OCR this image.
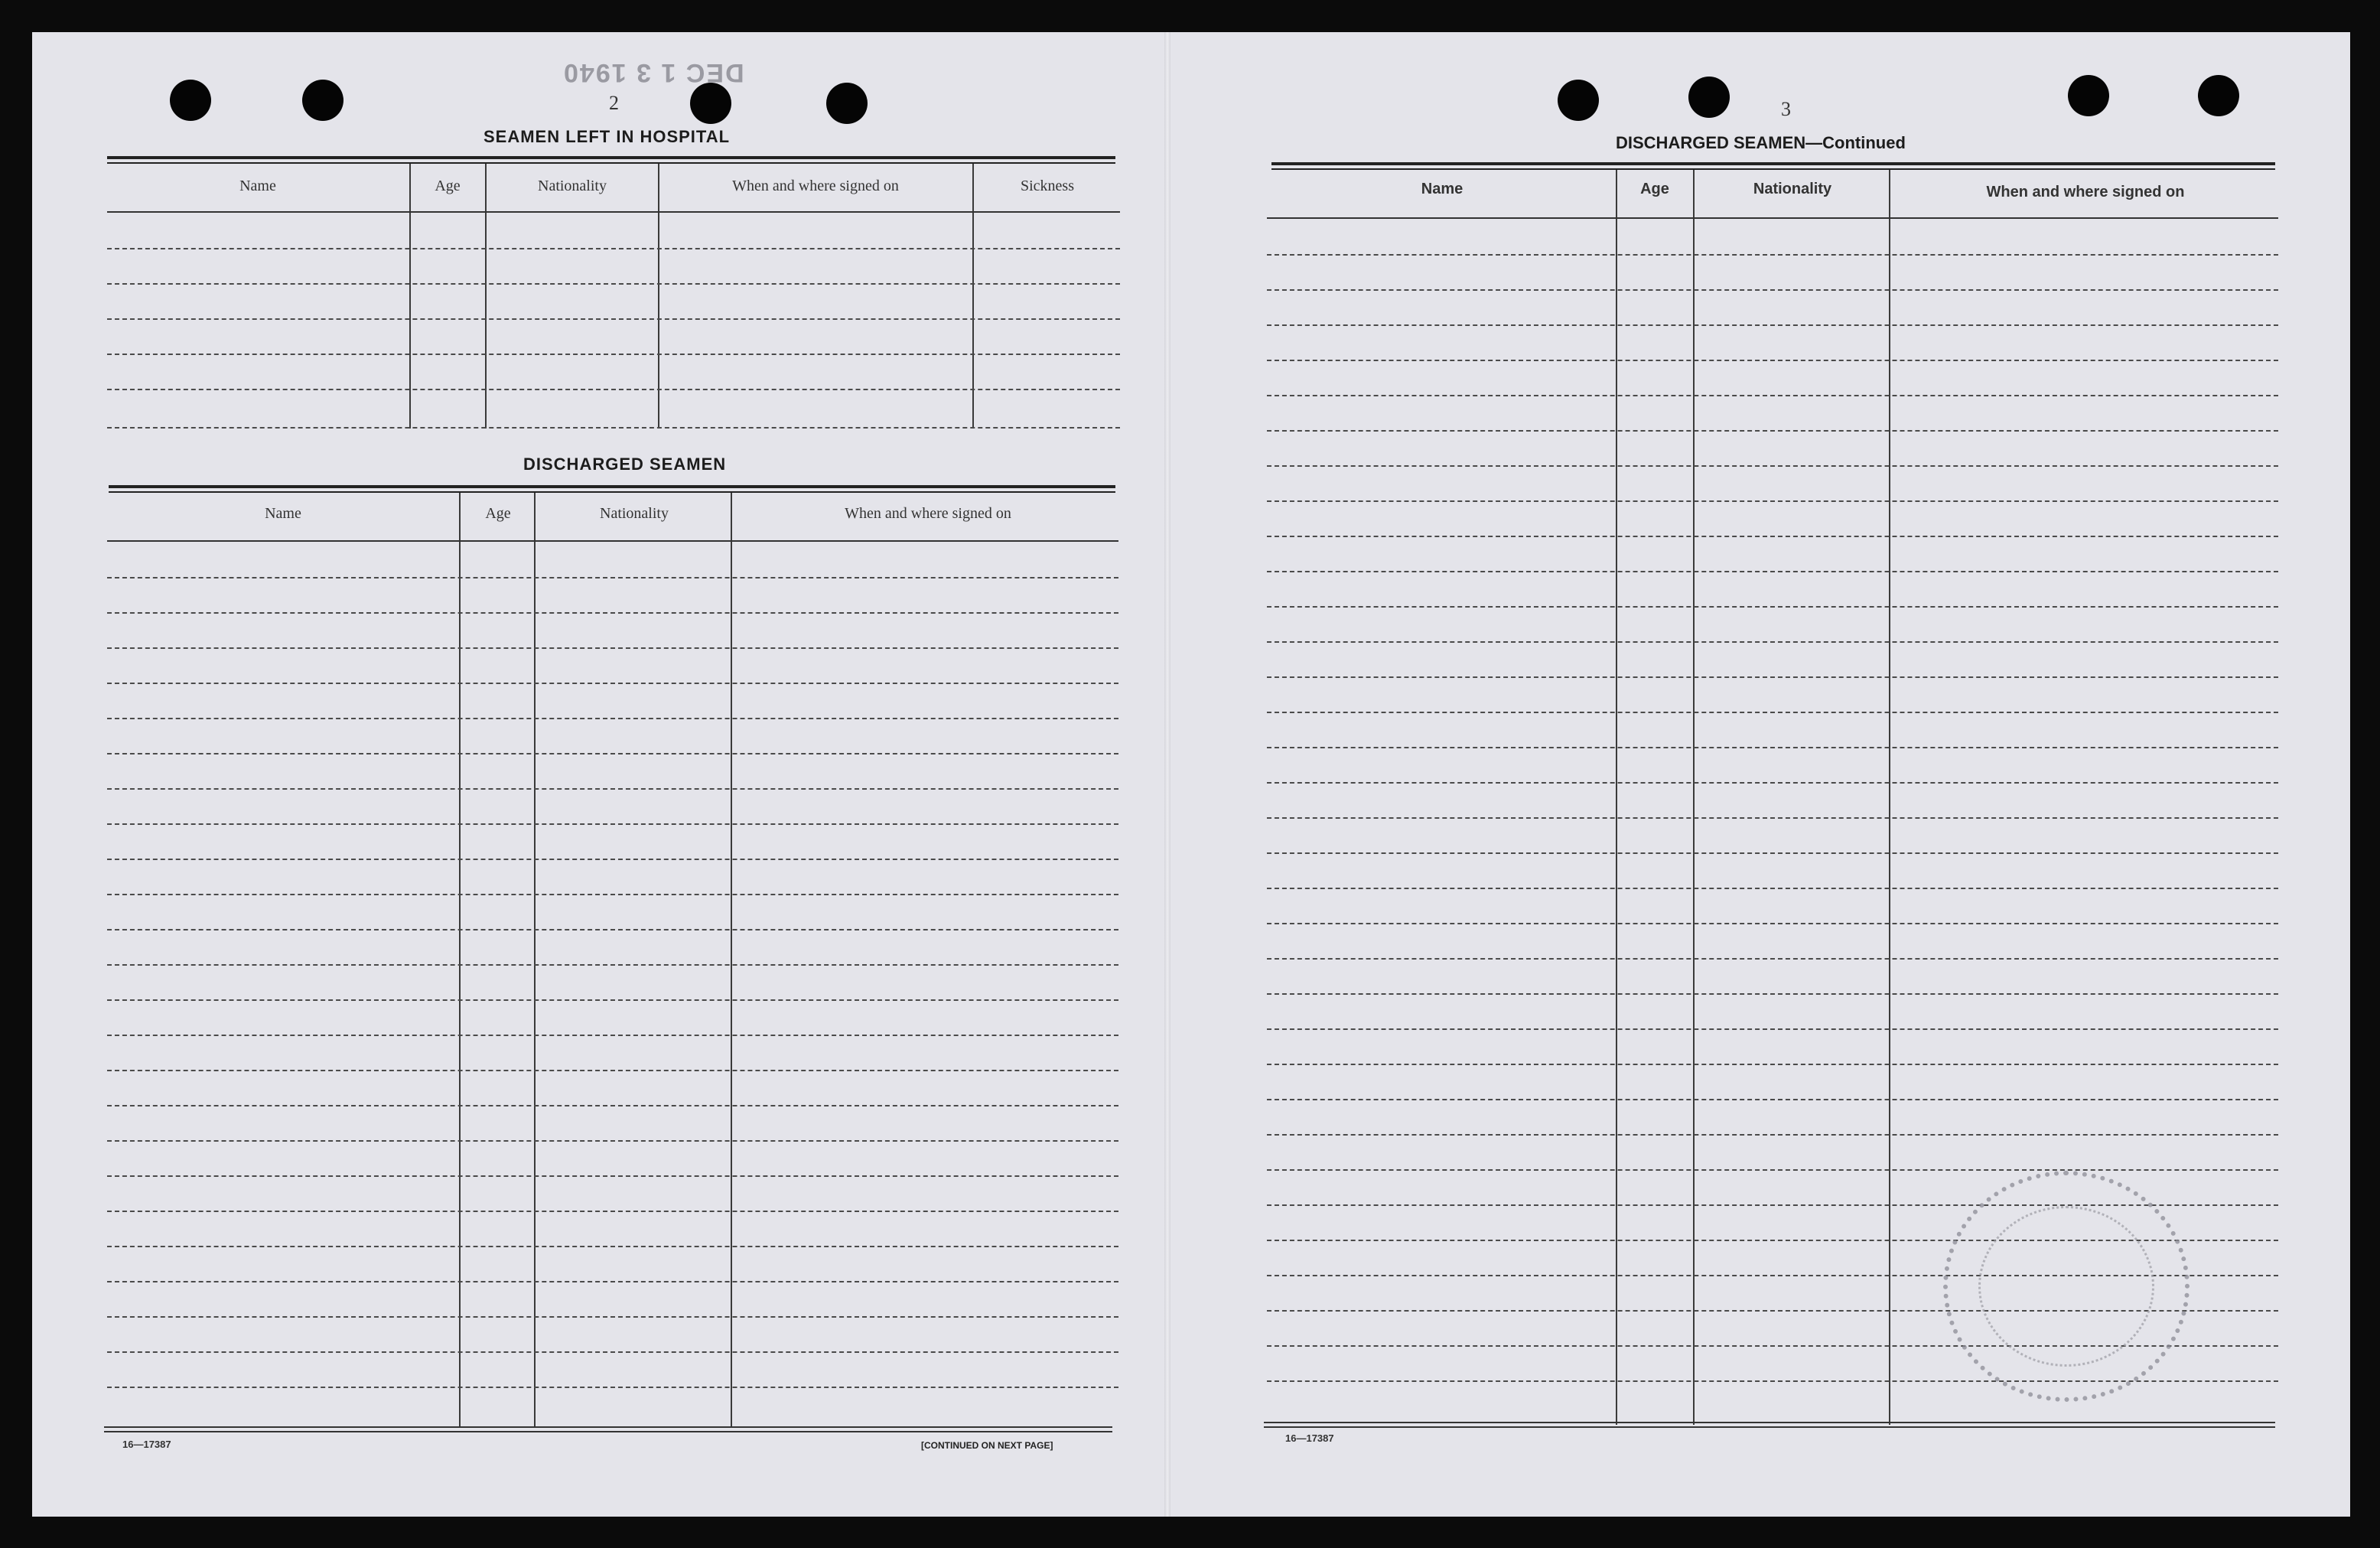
DEC 1 3 1940
2
SEAMEN LEFT IN HOSPITAL
Name	Age	Nationality	When and where signed on	Sickness
DISCHARGED SEAMEN
Name	Age	Nationality	When and where signed on
16—17387	[CONTINUED ON NEXT PAGE]
3
DISCHARGED SEAMEN—Continued
Name	Age	Nationality	When and where signed on
16—17387
